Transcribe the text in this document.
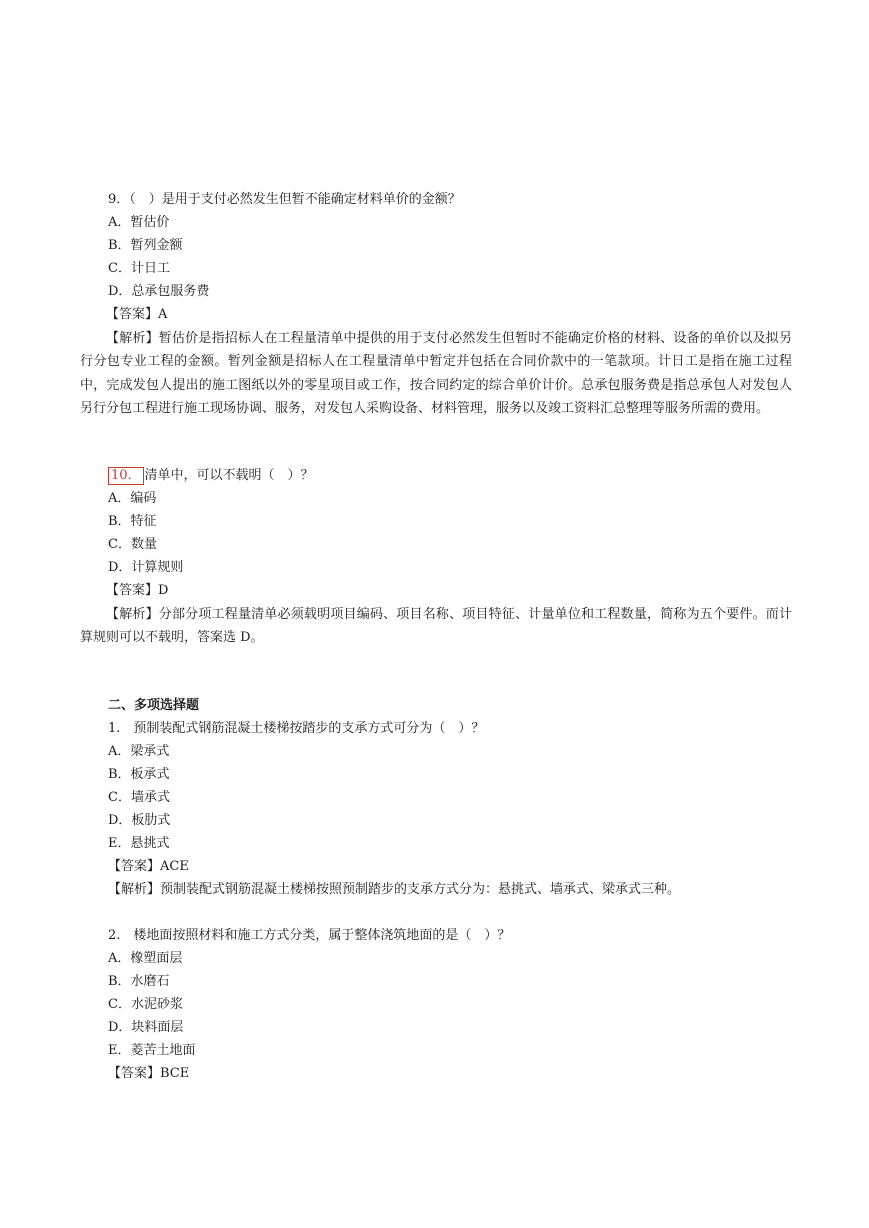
9．（　）是用于支付必然发生但暂不能确定材料单价的金额？
A．暂估价
B．暂列金额
C．计日工
D．总承包服务费
【答案】A
【解析】暂估价是指招标人在工程量清单中提供的用于支付必然发生但暂时不能确定价格的材料、设备的单价以及拟另行分包专业工程的金额。暂列金额是招标人在工程量清单中暂定并包括在合同价款中的一笔款项。计日工是指在施工过程中，完成发包人提出的施工图纸以外的零星项目或工作，按合同约定的综合单价计价。总承包服务费是指总承包人对发包人另行分包工程进行施工现场协调、服务，对发包人采购设备、材料管理，服务以及竣工资料汇总整理等服务所需的费用。
10． 清单中，可以不载明（　）？
A．编码
B．特征
C．数量
D．计算规则
【答案】D
【解析】分部分项工程量清单必须载明项目编码、项目名称、项目特征、计量单位和工程数量，简称为五个要件。而计算规则可以不载明，答案选 D。
二、多项选择题
1.　预制装配式钢筋混凝土楼梯按踏步的支承方式可分为（　）？
A．梁承式
B．板承式
C．墙承式
D．板肋式
E．悬挑式
【答案】ACE
【解析】预制装配式钢筋混凝土楼梯按照预制踏步的支承方式分为：悬挑式、墙承式、梁承式三种。
2.　楼地面按照材料和施工方式分类，属于整体浇筑地面的是（　）？
A．橡塑面层
B．水磨石
C．水泥砂浆
D．块料面层
E．菱苦土地面
【答案】BCE
